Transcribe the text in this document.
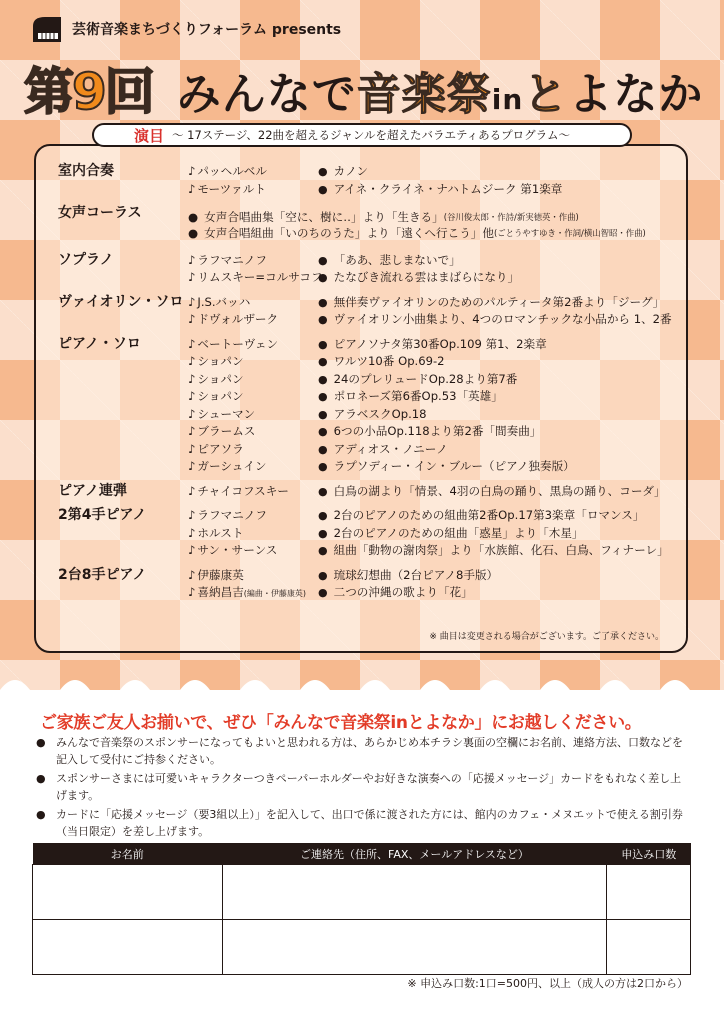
芸術音楽まちづくりフォーラム presents
第9回 みんなで音楽祭inとよなか
演目 ～ 17ステージ、22曲を超えるジャンルを超えたバラエティあるプログラム～
室内合奏	♪ パッヘルベル	● カノン
♪ モーツァルト	● アイネ・クライネ・ナハトムジーク 第1楽章
女声コーラス	● 女声合唱曲集「空に、樹に‥」より「生きる」 (谷川俊太郎・作詩/新実徳英・作曲)
● 女声合唱組曲「いのちのうた」より「遠くへ行こう」他 (ごとうやすゆき・作詞/横山智昭・作曲)
ソプラノ	♪ ラフマニノフ	● 「ああ、悲しまないで」
♪ リムスキー=コルサコフ ● たなびき流れる雲はまばらになり」
ヴァイオリン・ソロ	♪ J.S.バッハ	● 無伴奏ヴァイオリンのためのパルティータ第2番より「ジーグ」
♪ ドヴォルザーク	● ヴァイオリン小曲集より、4つのロマンチックな小品から 1、2番
ピアノ・ソロ	♪ ベートーヴェン	● ピアノソナタ第30番Op.109 第1、2楽章
♪ ショパン	● ワルツ10番 Op.69-2
♪ ショパン	● 24のプレリュードOp.28より第7番
♪ ショパン	● ポロネーズ第6番Op.53「英雄」
♪ シューマン	● アラベスクOp.18
♪ ブラームス	● 6つの小品Op.118より第2番「間奏曲」
♪ ピアソラ	● アディオス・ノニーノ
♪ ガーシュイン	● ラプソディー・イン・ブルー（ピアノ独奏版）
ピアノ連弾	♪ チャイコフスキー	● 白鳥の湖より「情景、4羽の白鳥の踊り、黒鳥の踊り、コーダ」
2第4手ピアノ	♪ ラフマニノフ	● 2台のピアノのための組曲第2番Op.17第3楽章「ロマンス」
♪ ホルスト	● 2台のピアノのための組曲「惑星」より「木星」
♪ サン・サーンス	● 組曲「動物の謝肉祭」より「水族館、化石、白鳥、フィナーレ」
2台8手ピアノ	♪ 伊藤康英	● 琉球幻想曲（2台ピアノ8手版）
♪ 喜納昌吉(編曲・伊藤康英)	● 二つの沖縄の歌より「花」
※ 曲目は変更される場合がございます。ご了承ください。
ご家族ご友人お揃いで、ぜひ「みんなで音楽祭inとよなか」にお越しください。
● みんなで音楽祭のスポンサーになってもよいと思われる方は、あらかじめ本チラシ裏面の空欄にお名前、連絡方法、口数などを記入して受付にご持参ください。
● スポンサーさまには可愛いキャラクターつきペーパーホルダーやお好きな演奏への「応援メッセージ」カードをもれなく差し上げます。
● カードに「応援メッセージ（要3組以上）」を記入して、出口で係に渡された方には、館内のカフェ・メヌエットで使える割引券（当日限定）を差し上げます。
お名前	ご連絡先（住所、FAX、メールアドレスなど）	申込み口数

※ 申込み口数:1口=500円、以上（成人の方は2口から）
